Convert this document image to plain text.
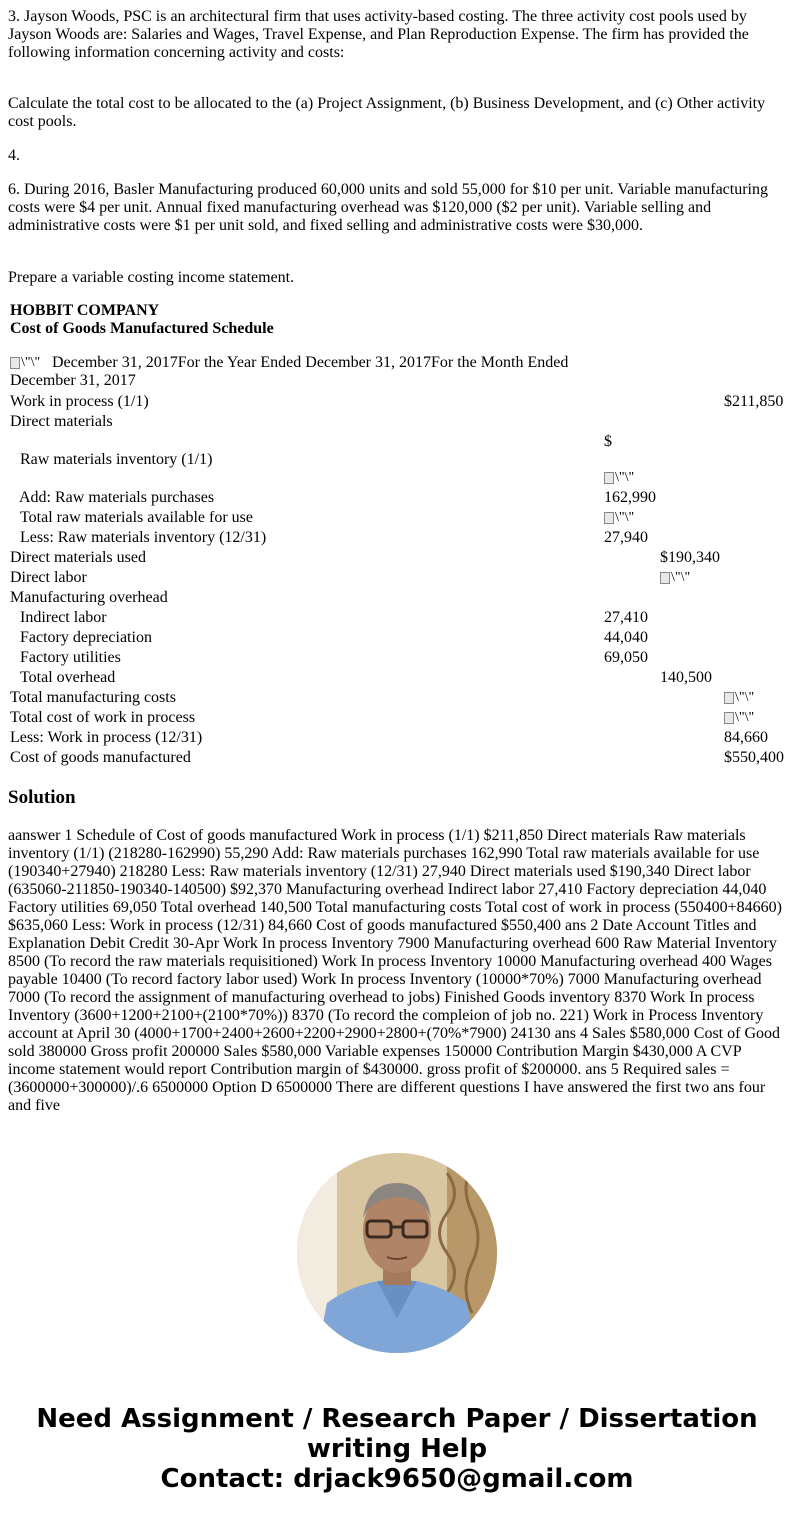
3. Jayson Woods, PSC is an architectural firm that uses activity-based costing. The three activity cost pools used by Jayson Woods are: Salaries and Wages, Travel Expense, and Plan Reproduction Expense. The firm has provided the following information concerning activity and costs:

Calculate the total cost to be allocated to the (a) Project Assignment, (b) Business Development, and (c) Other activity cost pools.

4.

6. During 2016, Basler Manufacturing produced 60,000 units and sold 55,000 for $10 per unit. Variable manufacturing costs were $4 per unit. Annual fixed manufacturing overhead was $120,000 ($2 per unit). Variable selling and administrative costs were $1 per unit sold, and fixed selling and administrative costs were $30,000.

Prepare a variable costing income statement.

HOBBIT COMPANY
Cost of Goods Manufactured Schedule
\"\" December 31, 2017For the Year Ended December 31, 2017For the Month Ended December 31, 2017
Work in process (1/1)			$211,850
Direct materials			
Raw materials inventory (1/1)	$
\"\"		

Add: Raw materials purchases	162,990		
Total raw materials available for use	\"\"		
Less: Raw materials inventory (12/31)	27,940		
Direct materials used		$190,340	
Direct labor		\"\"	
Manufacturing overhead			
Indirect labor	27,410		
Factory depreciation	44,040		
Factory utilities	69,050		
Total overhead		140,500	
Total manufacturing costs			\"\"
Total cost of work in process			\"\"
Less: Work in process (12/31)			84,660
Cost of goods manufactured			$550,400
Solution

aanswer 1 Schedule of Cost of goods manufactured Work in process (1/1) $211,850 Direct materials Raw materials inventory (1/1) (218280-162990) 55,290 Add: Raw materials purchases 162,990 Total raw materials available for use (190340+27940) 218280 Less: Raw materials inventory (12/31) 27,940 Direct materials used $190,340 Direct labor (635060-211850-190340-140500) $92,370 Manufacturing overhead Indirect labor 27,410 Factory depreciation 44,040 Factory utilities 69,050 Total overhead 140,500 Total manufacturing costs Total cost of work in process (550400+84660) $635,060 Less: Work in process (12/31) 84,660 Cost of goods manufactured $550,400 ans 2 Date Account Titles and Explanation Debit Credit 30-Apr Work In process Inventory 7900 Manufacturing overhead 600 Raw Material Inventory 8500 (To record the raw materials requisitioned) Work In process Inventory 10000 Manufacturing overhead 400 Wages payable 10400 (To record factory labor used) Work In process Inventory (10000*70%) 7000 Manufacturing overhead 7000 (To record the assignment of manufacturing overhead to jobs) Finished Goods inventory 8370 Work In process Inventory (3600+1200+2100+(2100*70%)) 8370 (To record the compleion of job no. 221) Work in Process Inventory account at April 30 (4000+1700+2400+2600+2200+2900+2800+(70%*7900) 24130 ans 4 Sales $580,000 Cost of Good sold 380000 Gross profit 200000 Sales $580,000 Variable expenses 150000 Contribution Margin $430,000 A CVP income statement would report Contribution margin of $430000. gross profit of $200000. ans 5 Required sales =(3600000+300000)/.6 6500000 Option D 6500000 There are different questions I have answered the first two ans four and five

Need Assignment / Research Paper / Dissertation
writing Help
Contact: drjack9650@gmail.com
